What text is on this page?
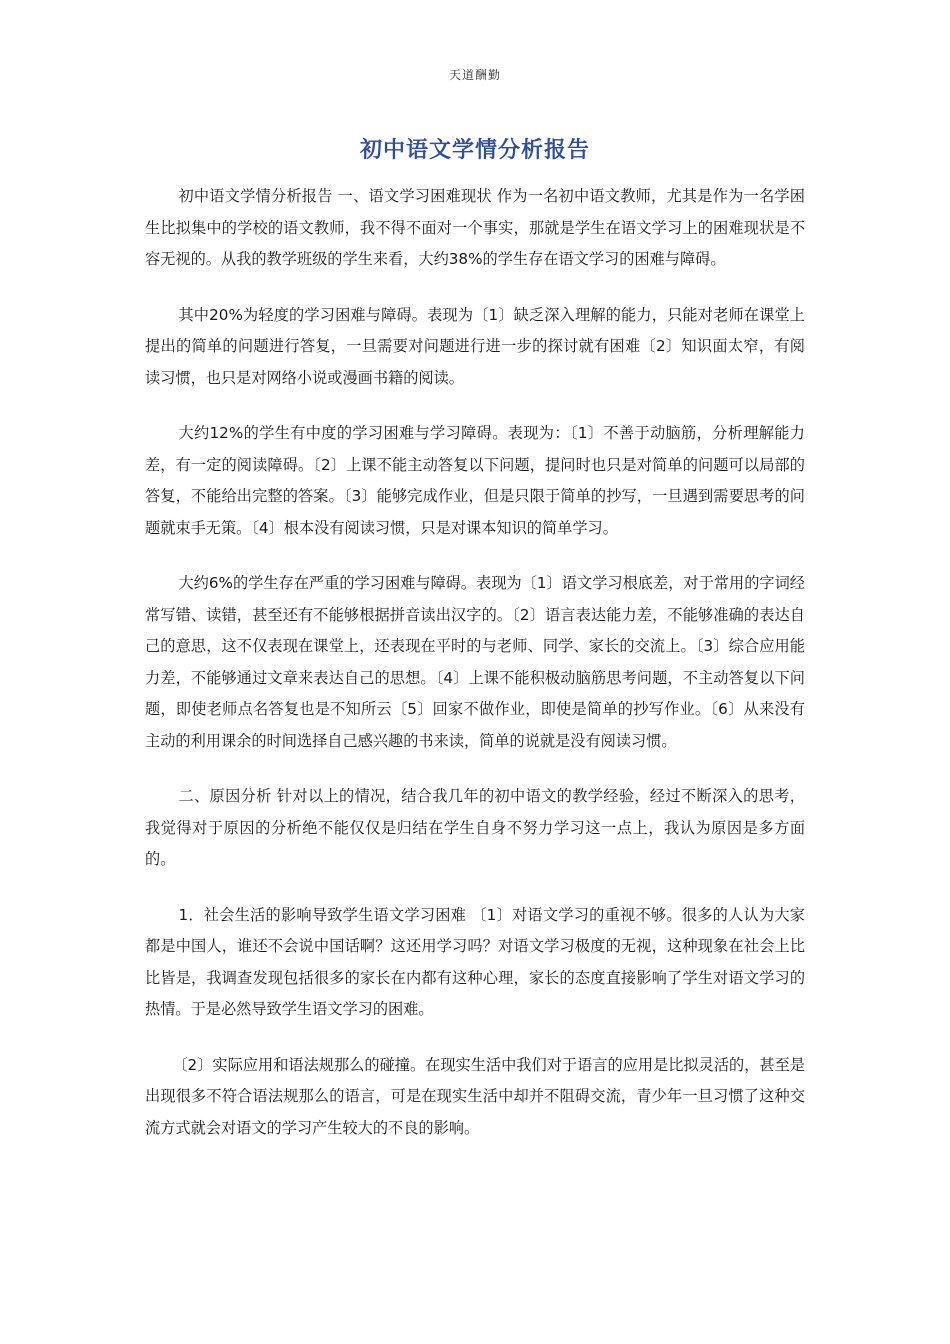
天道酬勤
初中语文学情分析报告

初中语文学情分析报告 一、语文学习困难现状 作为一名初中语文教师，尤其是作为一名学困生比拟集中的学校的语文教师，我不得不面对一个事实，那就是学生在语文学习上的困难现状是不容无视的。从我的教学班级的学生来看，大约38%的学生存在语文学习的困难与障碍。

其中20%为轻度的学习困难与障碍。表现为〔1〕缺乏深入理解的能力，只能对老师在课堂上提出的简单的问题进行答复，一旦需要对问题进行进一步的探讨就有困难〔2〕知识面太窄，有阅读习惯，也只是对网络小说或漫画书籍的阅读。

大约12%的学生有中度的学习困难与学习障碍。表现为：〔1〕不善于动脑筋，分析理解能力差，有一定的阅读障碍。〔2〕上课不能主动答复以下问题，提问时也只是对简单的问题可以局部的答复，不能给出完整的答案。〔3〕能够完成作业，但是只限于简单的抄写，一旦遇到需要思考的问题就束手无策。〔4〕根本没有阅读习惯，只是对课本知识的简单学习。

大约6%的学生存在严重的学习困难与障碍。表现为〔1〕语文学习根底差，对于常用的字词经常写错、读错，甚至还有不能够根据拼音读出汉字的。〔2〕语言表达能力差，不能够准确的表达自己的意思，这不仅表现在课堂上，还表现在平时的与老师、同学、家长的交流上。〔3〕综合应用能力差，不能够通过文章来表达自己的思想。〔4〕上课不能积极动脑筋思考问题，不主动答复以下问题，即使老师点名答复也是不知所云〔5〕回家不做作业，即使是简单的抄写作业。〔6〕从来没有主动的利用课余的时间选择自己感兴趣的书来读，简单的说就是没有阅读习惯。

二、原因分析 针对以上的情况，结合我几年的初中语文的教学经验，经过不断深入的思考，我觉得对于原因的分析绝不能仅仅是归结在学生自身不努力学习这一点上，我认为原因是多方面的。

1．社会生活的影响导致学生语文学习困难 〔1〕对语文学习的重视不够。很多的人认为大家都是中国人，谁还不会说中国话啊？这还用学习吗？对语文学习极度的无视，这种现象在社会上比比皆是，我调查发现包括很多的家长在内都有这种心理，家长的态度直接影响了学生对语文学习的热情。于是必然导致学生语文学习的困难。

〔2〕实际应用和语法规那么的碰撞。在现实生活中我们对于语言的应用是比拟灵活的，甚至是出现很多不符合语法规那么的语言，可是在现实生活中却并不阻碍交流，青少年一旦习惯了这种交流方式就会对语文的学习产生较大的不良的影响。
